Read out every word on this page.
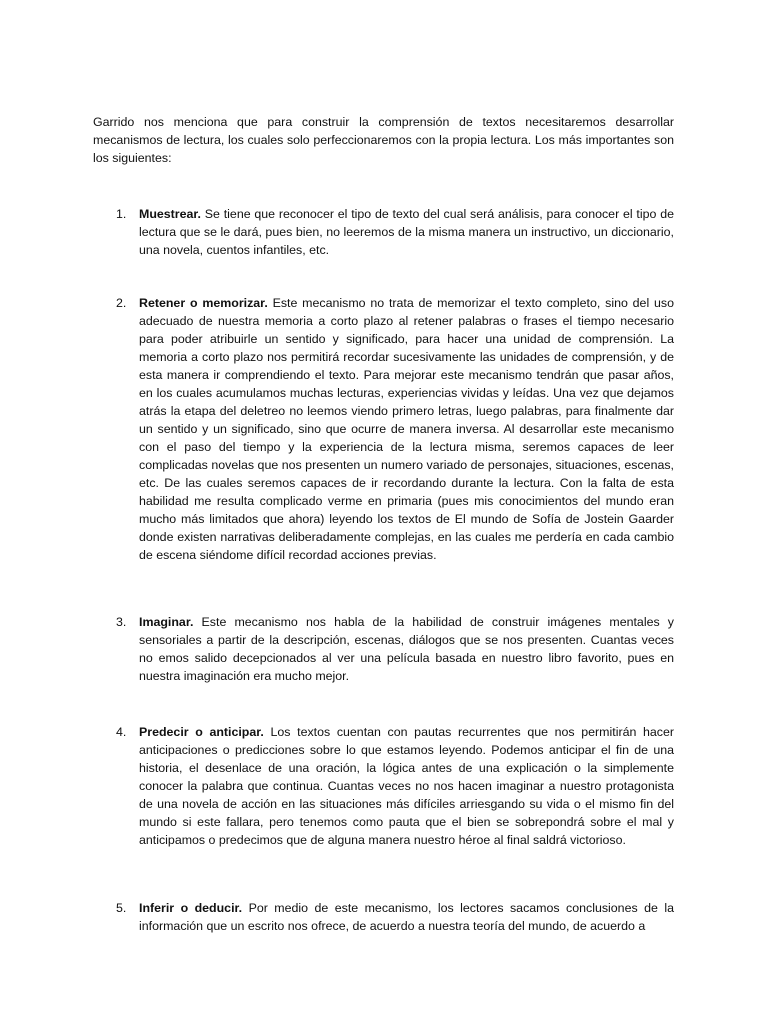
Garrido nos menciona que para construir la comprensión de textos necesitaremos desarrollar mecanismos de lectura, los cuales solo perfeccionaremos con la propia lectura. Los más importantes son los siguientes:

1. Muestrear. Se tiene que reconocer el tipo de texto del cual será análisis, para conocer el tipo de lectura que se le dará, pues bien, no leeremos de la misma manera un instructivo, un diccionario, una novela, cuentos infantiles, etc.

2. Retener o memorizar. Este mecanismo no trata de memorizar el texto completo, sino del uso adecuado de nuestra memoria a corto plazo al retener palabras o frases el tiempo necesario para poder atribuirle un sentido y significado, para hacer una unidad de comprensión. La memoria a corto plazo nos permitirá recordar sucesivamente las unidades de comprensión, y de esta manera ir comprendiendo el texto. Para mejorar este mecanismo tendrán que pasar años, en los cuales acumulamos muchas lecturas, experiencias vividas y leídas. Una vez que dejamos atrás la etapa del deletreo no leemos viendo primero letras, luego palabras, para finalmente dar un sentido y un significado, sino que ocurre de manera inversa. Al desarrollar este mecanismo con el paso del tiempo y la experiencia de la lectura misma, seremos capaces de leer complicadas novelas que nos presenten un numero variado de personajes, situaciones, escenas, etc. De las cuales seremos capaces de ir recordando durante la lectura. Con la falta de esta habilidad me resulta complicado verme en primaria (pues mis conocimientos del mundo eran mucho más limitados que ahora) leyendo los textos de El mundo de Sofía de Jostein Gaarder donde existen narrativas deliberadamente complejas, en las cuales me perdería en cada cambio de escena siéndome difícil recordad acciones previas.

3. Imaginar. Este mecanismo nos habla de la habilidad de construir imágenes mentales y sensoriales a partir de la descripción, escenas, diálogos que se nos presenten. Cuantas veces no emos salido decepcionados al ver una película basada en nuestro libro favorito, pues en nuestra imaginación era mucho mejor.

4. Predecir o anticipar. Los textos cuentan con pautas recurrentes que nos permitirán hacer anticipaciones o predicciones sobre lo que estamos leyendo. Podemos anticipar el fin de una historia, el desenlace de una oración, la lógica antes de una explicación o la simplemente conocer la palabra que continua. Cuantas veces no nos hacen imaginar a nuestro protagonista de una novela de acción en las situaciones más difíciles arriesgando su vida o el mismo fin del mundo si este fallara, pero tenemos como pauta que el bien se sobrepondrá sobre el mal y anticipamos o predecimos que de alguna manera nuestro héroe al final saldrá victorioso.

5. Inferir o deducir. Por medio de este mecanismo, los lectores sacamos conclusiones de la información que un escrito nos ofrece, de acuerdo a nuestra teoría del mundo, de acuerdo a
